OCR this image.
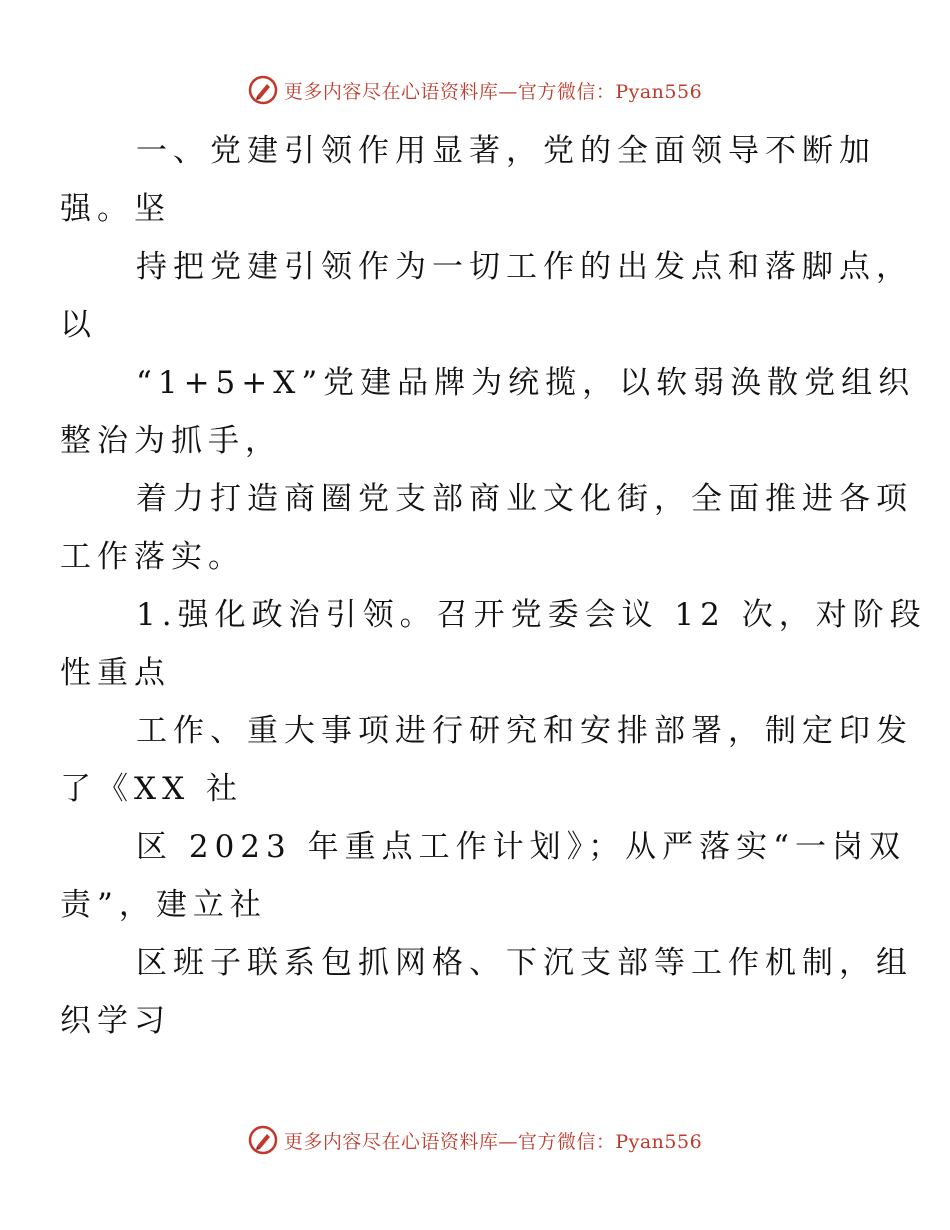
更多内容尽在心语资料库—官方微信：Pyan556

一、党建引领作用显著，党的全面领导不断加
强。坚

持把党建引领作为一切工作的出发点和落脚点，
以

“1+5+X”党建品牌为统揽，以软弱涣散党组织
整治为抓手，

着力打造商圈党支部商业文化街，全面推进各项
工作落实。

1.强化政治引领。召开党委会议 12 次，对阶段
性重点

工作、重大事项进行研究和安排部署，制定印发
了《XX 社

区 2023 年重点工作计划》；从严落实“一岗双
责”，建立社

区班子联系包抓网格、下沉支部等工作机制，组
织学习

更多内容尽在心语资料库—官方微信：Pyan556
